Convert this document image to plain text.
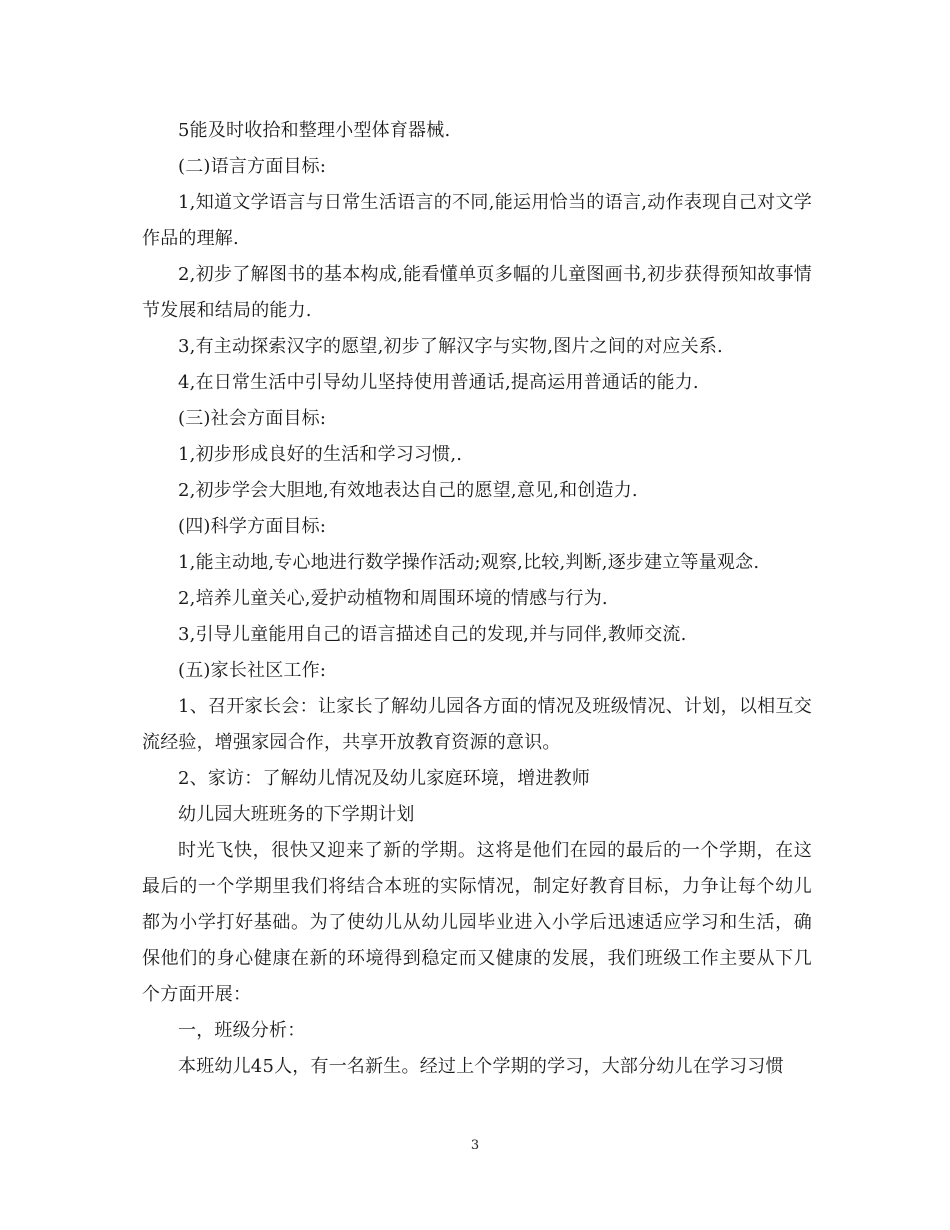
5能及时收拾和整理小型体育器械.

(二)语言方面目标:

1,知道文学语言与日常生活语言的不同,能运用恰当的语言,动作表现自己对文学作品的理解.

2,初步了解图书的基本构成,能看懂单页多幅的儿童图画书,初步获得预知故事情节发展和结局的能力.

3,有主动探索汉字的愿望,初步了解汉字与实物,图片之间的对应关系.

4,在日常生活中引导幼儿坚持使用普通话,提高运用普通话的能力.

(三)社会方面目标:

1,初步形成良好的生活和学习习惯,.

2,初步学会大胆地,有效地表达自己的愿望,意见,和创造力.

(四)科学方面目标:

1,能主动地,专心地进行数学操作活动;观察,比较,判断,逐步建立等量观念.

2,培养儿童关心,爱护动植物和周围环境的情感与行为.

3,引导儿童能用自己的语言描述自己的发现,并与同伴,教师交流.

(五)家长社区工作:

1、召开家长会：让家长了解幼儿园各方面的情况及班级情况、计划，以相互交流经验，增强家园合作，共享开放教育资源的意识。

2、家访：了解幼儿情况及幼儿家庭环境，增进教师

幼儿园大班班务的下学期计划

时光飞快，很快又迎来了新的学期。这将是他们在园的最后的一个学期，在这最后的一个学期里我们将结合本班的实际情况，制定好教育目标，力争让每个幼儿都为小学打好基础。为了使幼儿从幼儿园毕业进入小学后迅速适应学习和生活，确保他们的身心健康在新的环境得到稳定而又健康的发展，我们班级工作主要从下几个方面开展：

一，班级分析：

本班幼儿45人，有一名新生。经过上个学期的学习，大部分幼儿在学习习惯

3
